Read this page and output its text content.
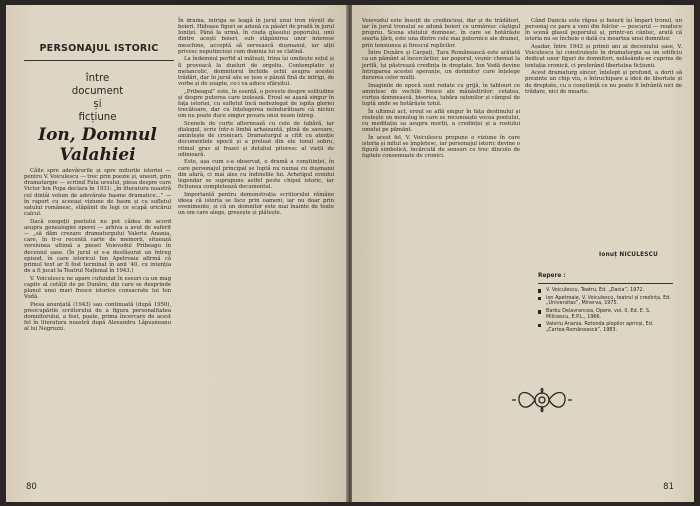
PERSONAJUL ISTORIC
între
document
și
ficțiune
Ion, Domnul
Valahiei

Căile spre adevărurile și spre miturile istoriei — pentru V. Voiculescu — trec prin poezie și, uneori, prin dramaturgie — scriind Fata ursului, piesa despre care Victor Ion Popa declara în 1931: „în literatura noastră cel dintâi volum de adevărate basme dramatice...” — în raport cu aceeași viziune de basm și cu sufletul satului românesc, stăpânit de legi ce scapă oricărui calcul.

Dacă exegeții poetului nu pot cădea de acord asupra genealogiei operei — arhiva a avut de suferit — „să dăm crezare dramaturgului Valeriu Anania, care, în tr-o recentă carte de memorii, situează versiunea ultimă a piesei Voievodul Pribeagu în deceniul șase. (În jurul ei s-a desfășurat un întreg episod, în care istoricul Ion Apetroaie afirmă că primul text ar fi fost terminat în anii '40, cu intenția de a fi jucat la Teatrul Național în 1943.)

V. Voiculescu ne apare cufundat în eseuri ca un mag captiv al cetății de pe Dunăre, din care se desprinde planul unei mari fresce istorice consacrate lui Ion Vodă.

Piesa anunțată (1943) sau continuată (după 1950), preocupările scriitorului de a figura personalitatea domnitorului, a fost, poate, prima încercare de acest fel în literatura noastră după Alexandru Lăpușneanu al lui Negruzzi.

În drama, intriga se leagă în jurul unui tron râvnit de boieri. Hidoase figuri se adună ca păsări de pradă în jurul Ioniței. Până la urmă, în ciuda glasului poporului, unii dintre acești boieri, sub stăpânirea unor interese meschine, acceptă să servească dușmanul, iar alții privesc neputincioși cum domnia lui se clatină.

La îndemnul perfid al mătușii, Irina își umilește soțul și îl provoacă la dueluri de orgoliu. Contemplativ și melancolic, domnitorul închide ochii asupra acestei trădări, dar în jurul său se țese o pânză fină de intrigi, de vorbe și de șoapte, ce-i va aduce sfârșitul.

„Pribeagul” este, în esență, o poveste despre solitudine și despre puterea care izolează. Eroul se așază singur în fața istoriei, cu sufletul încă nedezlegat de ispita gloriei trecătoare, dar cu înțelegerea neîndurătoare că niciun om nu poate duce singur povara unui neam întreg.

Scenele de curte alternează cu cele de tabără, iar dialogul, scris într-o limbă arhaizantă, plină de savoare, amintește de cronicari. Dramaturgul a citit cu atenție documentele epocii și a preluat din ele tonul sobru, ritmul grav al frazei și detaliul pitoresc al vieții de odinioară.

Este, așa cum s-a observat, o dramă a conștiinței, în care personajul principal se luptă nu numai cu dușmanii din afară, ci mai ales cu îndoielile lui. Arhetipul eroului legendar se suprapune astfel peste chipul istoric, iar ficțiunea completează documentul.

Importantă pentru demonstrația scriitorului rămâne ideea că istoria se face prin oameni, iar nu doar prin evenimente, și că un domnitor este mai înainte de toate un om care alege, greșește și plătește.

80

Voievodul este însoțit de credincioși, dar și de trădători, iar în jurul tronului se adună boieri ce urmăresc câștigul propriu. Scena sfatului domnesc, în care se hotărăște soarta țării, este una dintre cele mai puternice ale dramei, prin tensiunea și firescul replicilor.

Între Dunăre și Carpați, Țara Românească este arătată ca un pământ al încercărilor, iar poporul, veșnic chemat la jertfă, își păstrează credința în dreptate. Ion Vodă devine întruparea acestei speranțe, un domnitor care înțelege durerea celor mulți.

Imaginile de epocă sunt redate cu grijă, în tablouri ce amintesc de vechile fresce ale mănăstirilor: cetatea, curtea domnească, biserica, tabăra oștenilor și câmpul de luptă unde se hotărăște totul.

În ultimul act, eroul se află singur în fața destinului și rostește un monolog în care se recunoaște vocea poetului, cu meditația sa asupra morții, a credinței și a rostului omului pe pământ.

În acest fel, V. Voiculescu propune o viziune în care istoria și mitul se împletesc, iar personajul istoric devine o figură simbolică, încărcată de sensuri ce trec dincolo de faptele consemnate de cronici.

Când Danciu este răpus și boierii își împart tronul, un personaj ce pare a veni din folclor — pescarul — readuce în scenă glasul poporului și, printr-un cântec, arată că istoria nu se încheie o dată cu moartea unui domnitor.

Așadar, între 1943 și primii ani ai deceniului șase, V. Voiculescu își construiește în dramaturgia sa un edificiu dedicat unor figuri de domnitori, nelăsându-se cuprins de tentația cronicii, ci preferând libertatea ficțiunii.

Acest dramaturg sincer, înțelept și profund, a dorit să prezinte un chip viu, o întruchipare a ideii de libertate și de dreptate, cu o conștiință ce nu poate fi înfrântă nici de trădare, nici de moarte.

Ionuț NICULESCU
Repere :
V. Voiculescu, Teatru, Ed. „Dacia”, 1972.
Ion Apetroaie, V. Voiculescu, teatrul și credința, Ed. „Universitas”, Minerva, 1975.
Barbu Delavrancea, Opere, vol. II, Ed. E. S. Milicescu, E.P.L., 1966.
Valeriu Anania, Rotonda plopilor aprinși, Ed. „Cartea Românească”, 1983.
81
